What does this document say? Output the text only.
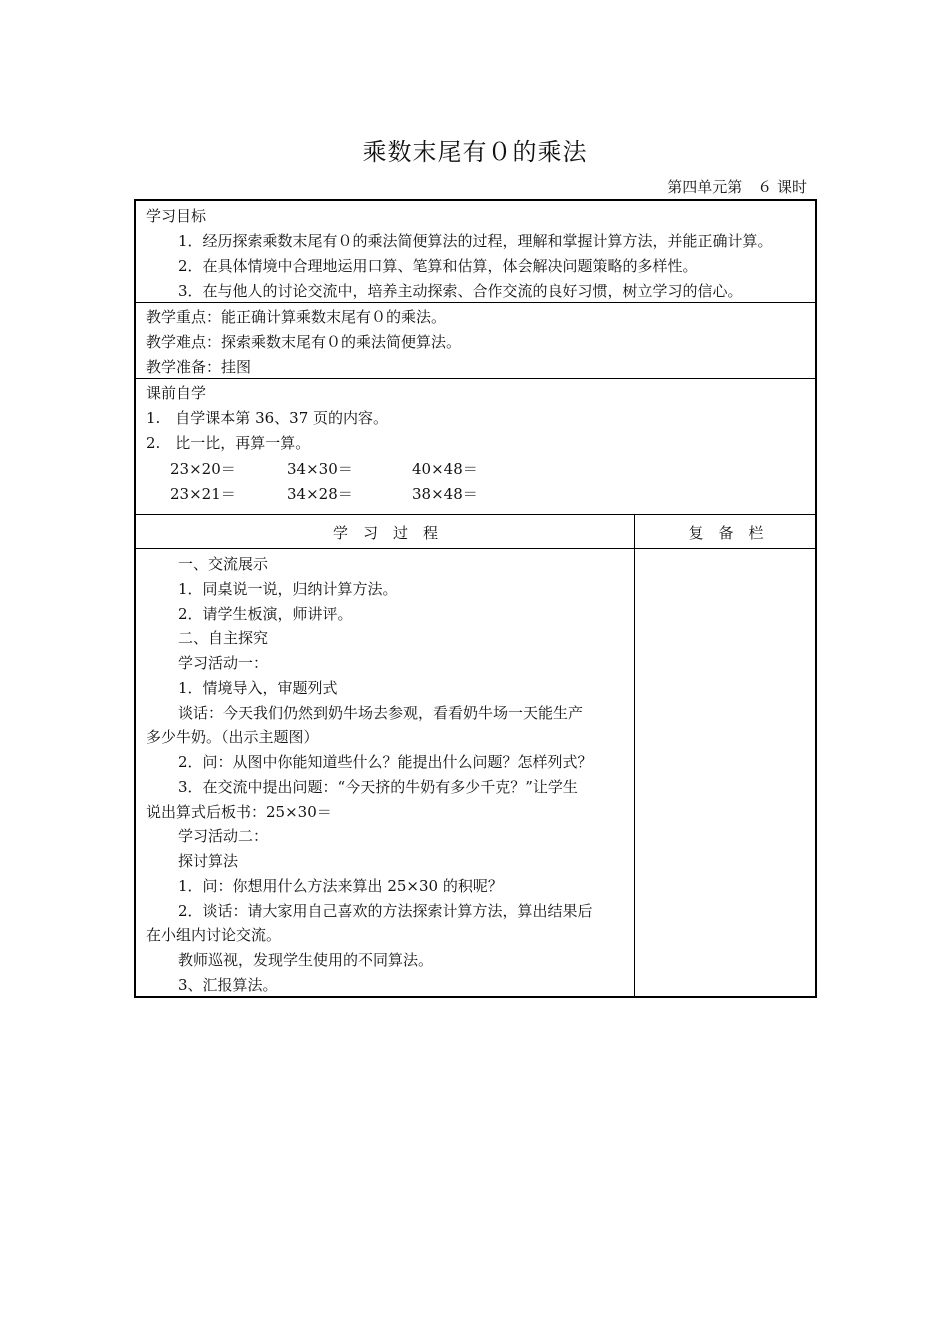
乘数末尾有０的乘法
第四单元第　６ 课时
学习目标
1．经历探索乘数末尾有０的乘法简便算法的过程，理解和掌握计算方法，并能正确计算。
2．在具体情境中合理地运用口算、笔算和估算，体会解决问题策略的多样性。
3．在与他人的讨论交流中，培养主动探索、合作交流的良好习惯，树立学习的信心。
教学重点：能正确计算乘数末尾有０的乘法。
教学难点：探索乘数末尾有０的乘法简便算法。
教学准备：挂图
课前自学
1.　自学课本第 36、37 页的内容。
2.　比一比，再算一算。
23×20＝	34×30＝	40×48＝
23×21＝	34×28＝	38×48＝
学　习　过　程	复　备　栏
一、交流展示
1．同桌说一说，归纳计算方法。
2．请学生板演，师讲评。
二、自主探究
学习活动一：
1．情境导入，审题列式
谈话：今天我们仍然到奶牛场去参观，看看奶牛场一天能生产
多少牛奶。（出示主题图）
2．问：从图中你能知道些什么？能提出什么问题？怎样列式？
3．在交流中提出问题：“今天挤的牛奶有多少千克？”让学生
说出算式后板书：25×30＝
学习活动二：
探讨算法
1．问：你想用什么方法来算出 25×30 的积呢？
2．谈话：请大家用自己喜欢的方法探索计算方法，算出结果后
在小组内讨论交流。
教师巡视，发现学生使用的不同算法。
3、汇报算法。
